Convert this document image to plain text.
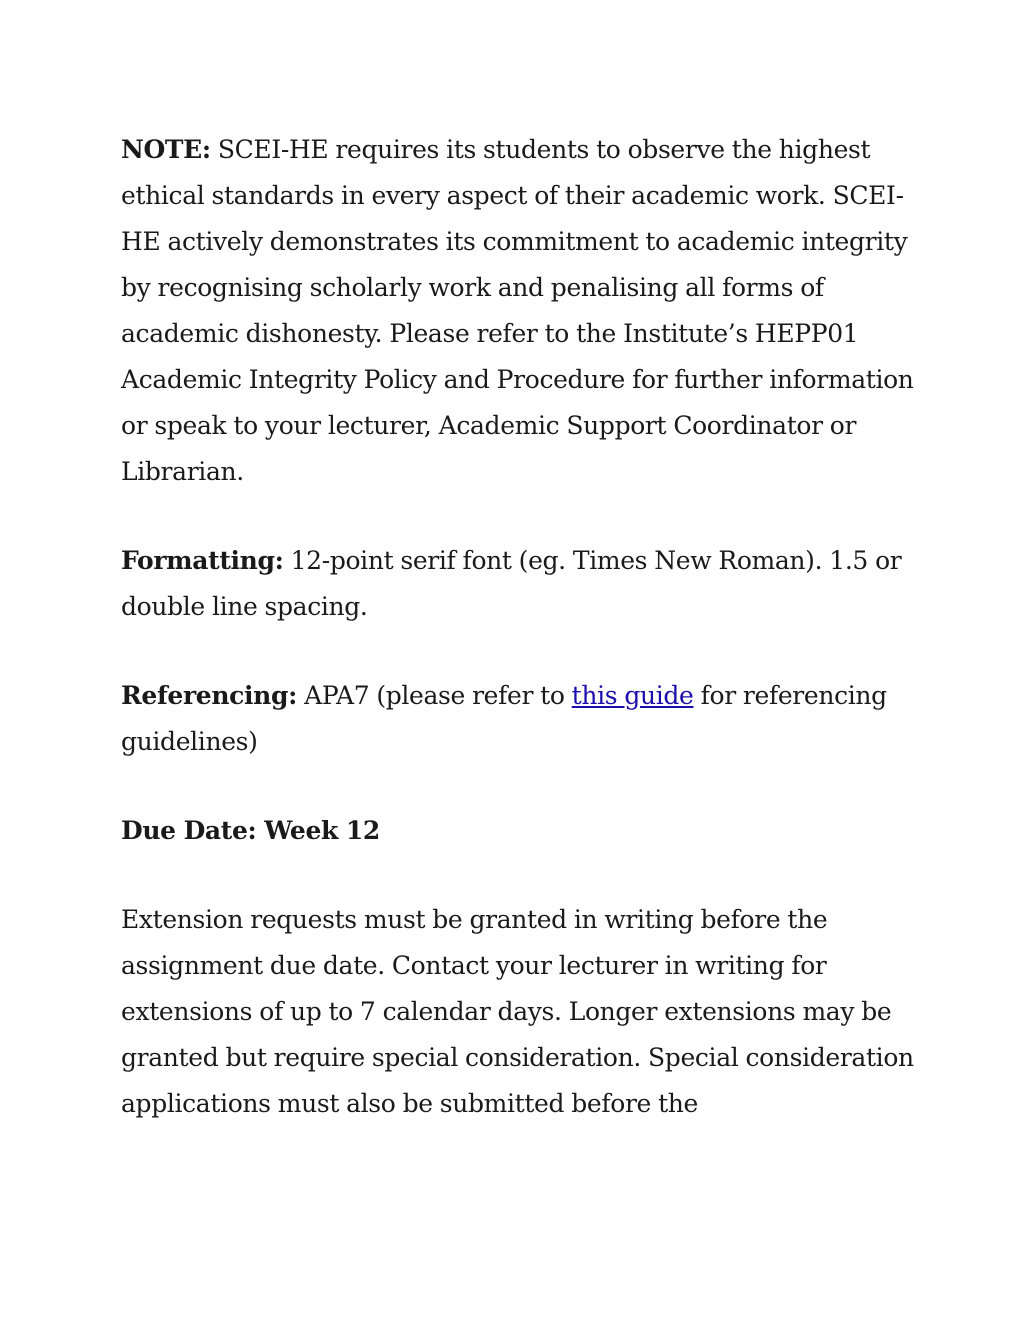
NOTE: SCEI-HE requires its students to observe the highest ethical standards in every aspect of their academic work. SCEI-HE actively demonstrates its commitment to academic integrity by recognising scholarly work and penalising all forms of academic dishonesty. Please refer to the Institute’s HEPP01 Academic Integrity Policy and Procedure for further information or speak to your lecturer, Academic Support Coordinator or Librarian.

Formatting: 12-point serif font (eg. Times New Roman). 1.5 or double line spacing.

Referencing: APA7 (please refer to this guide for referencing guidelines)

Due Date: Week 12

Extension requests must be granted in writing before the assignment due date. Contact your lecturer in writing for extensions of up to 7 calendar days. Longer extensions may be granted but require special consideration. Special consideration applications must also be submitted before the
